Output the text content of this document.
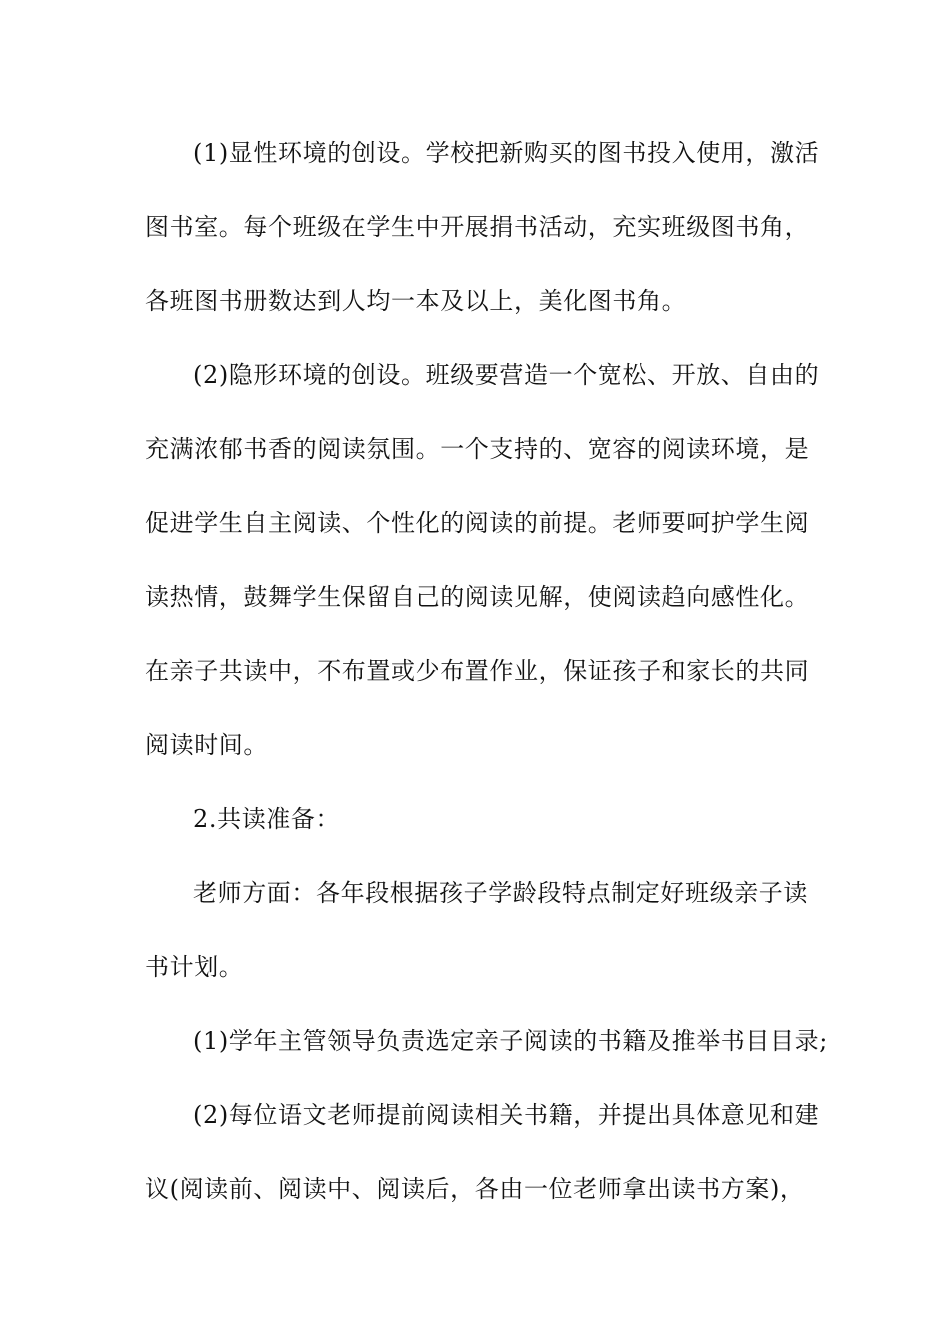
(1)显性环境的创设。学校把新购买的图书投入使用，激活
图书室。每个班级在学生中开展捐书活动，充实班级图书角，
各班图书册数达到人均一本及以上，美化图书角。
(2)隐形环境的创设。班级要营造一个宽松、开放、自由的
充满浓郁书香的阅读氛围。一个支持的、宽容的阅读环境，是
促进学生自主阅读、个性化的阅读的前提。老师要呵护学生阅
读热情，鼓舞学生保留自己的阅读见解，使阅读趋向感性化。
在亲子共读中，不布置或少布置作业，保证孩子和家长的共同
阅读时间。
2.共读准备：
老师方面：各年段根据孩子学龄段特点制定好班级亲子读
书计划。
(1)学年主管领导负责选定亲子阅读的书籍及推举书目目录;
(2)每位语文老师提前阅读相关书籍，并提出具体意见和建
议(阅读前、阅读中、阅读后，各由一位老师拿出读书方案)，
